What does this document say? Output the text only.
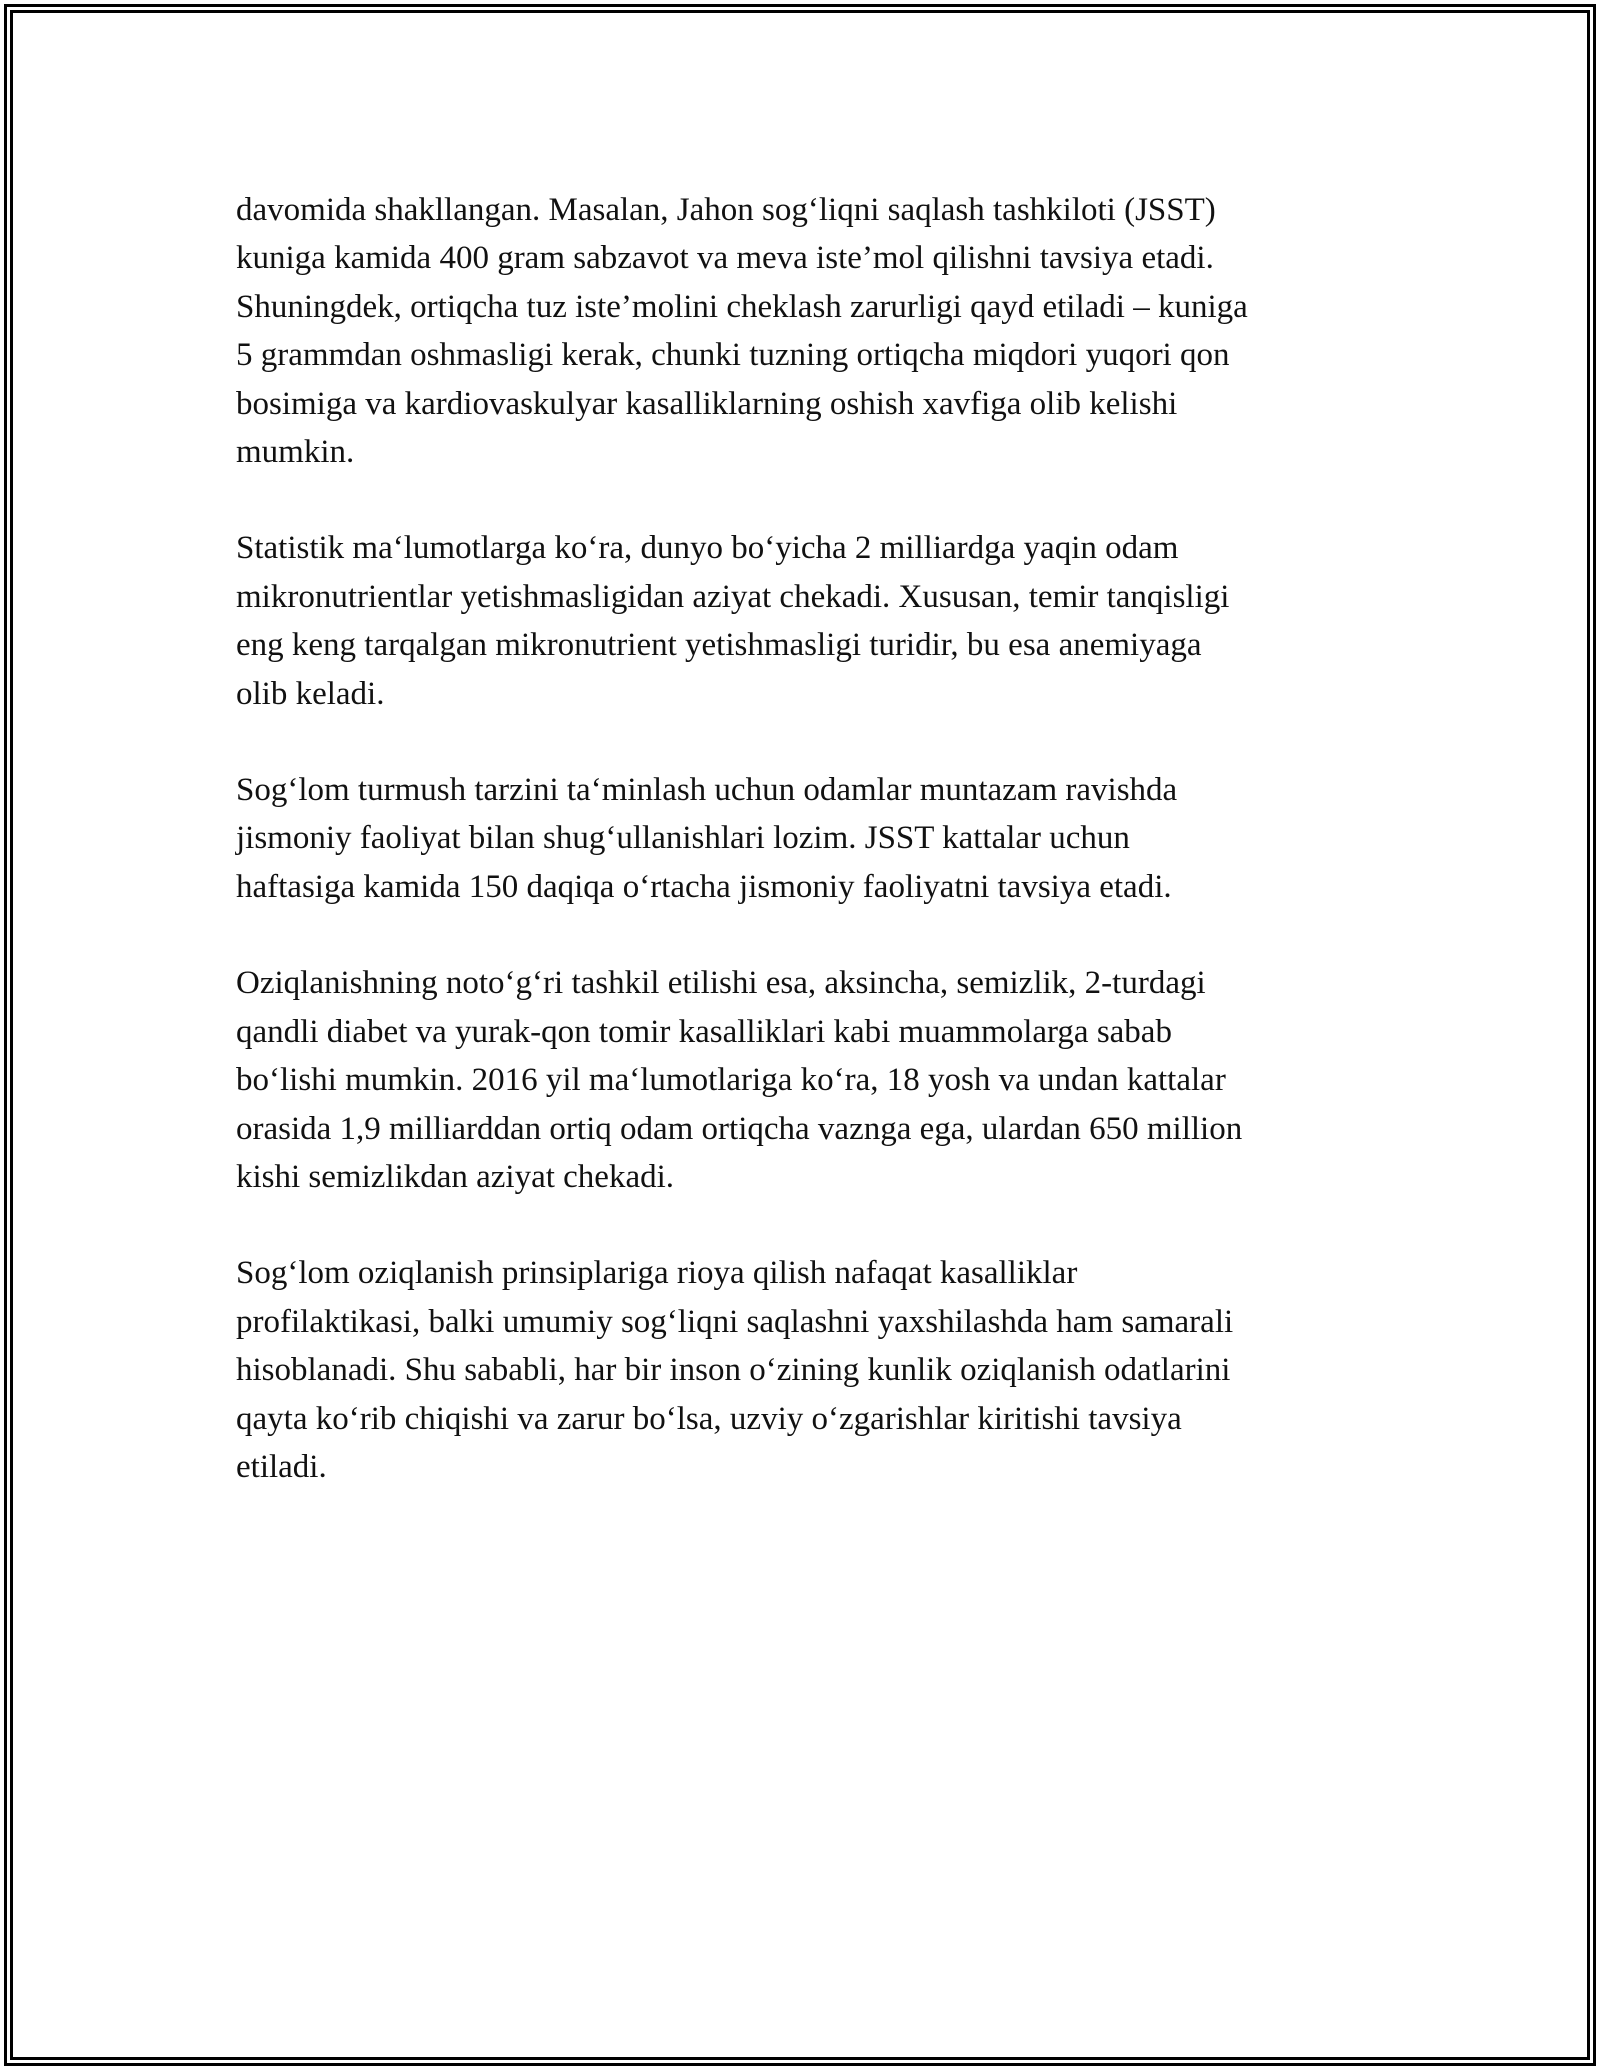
davomida shakllangan. Masalan, Jahon sog‘liqni saqlash tashkiloti (JSST)
kuniga kamida 400 gram sabzavot va meva iste’mol qilishni tavsiya etadi.
Shuningdek, ortiqcha tuz iste’molini cheklash zarurligi qayd etiladi – kuniga
5 grammdan oshmasligi kerak, chunki tuzning ortiqcha miqdori yuqori qon
bosimiga va kardiovaskulyar kasalliklarning oshish xavfiga olib kelishi
mumkin.

Statistik ma‘lumotlarga ko‘ra, dunyo bo‘yicha 2 milliardga yaqin odam
mikronutrientlar yetishmasligidan aziyat chekadi. Xususan, temir tanqisligi
eng keng tarqalgan mikronutrient yetishmasligi turidir, bu esa anemiyaga
olib keladi.

Sog‘lom turmush tarzini ta‘minlash uchun odamlar muntazam ravishda
jismoniy faoliyat bilan shug‘ullanishlari lozim. JSST kattalar uchun
haftasiga kamida 150 daqiqa o‘rtacha jismoniy faoliyatni tavsiya etadi.

Oziqlanishning noto‘g‘ri tashkil etilishi esa, aksincha, semizlik, 2-turdagi
qandli diabet va yurak-qon tomir kasalliklari kabi muammolarga sabab
bo‘lishi mumkin. 2016 yil ma‘lumotlariga ko‘ra, 18 yosh va undan kattalar
orasida 1,9 milliarddan ortiq odam ortiqcha vaznga ega, ulardan 650 million
kishi semizlikdan aziyat chekadi.

Sog‘lom oziqlanish prinsiplariga rioya qilish nafaqat kasalliklar
profilaktikasi, balki umumiy sog‘liqni saqlashni yaxshilashda ham samarali
hisoblanadi. Shu sababli, har bir inson o‘zining kunlik oziqlanish odatlarini
qayta ko‘rib chiqishi va zarur bo‘lsa, uzviy o‘zgarishlar kiritishi tavsiya
etiladi.
